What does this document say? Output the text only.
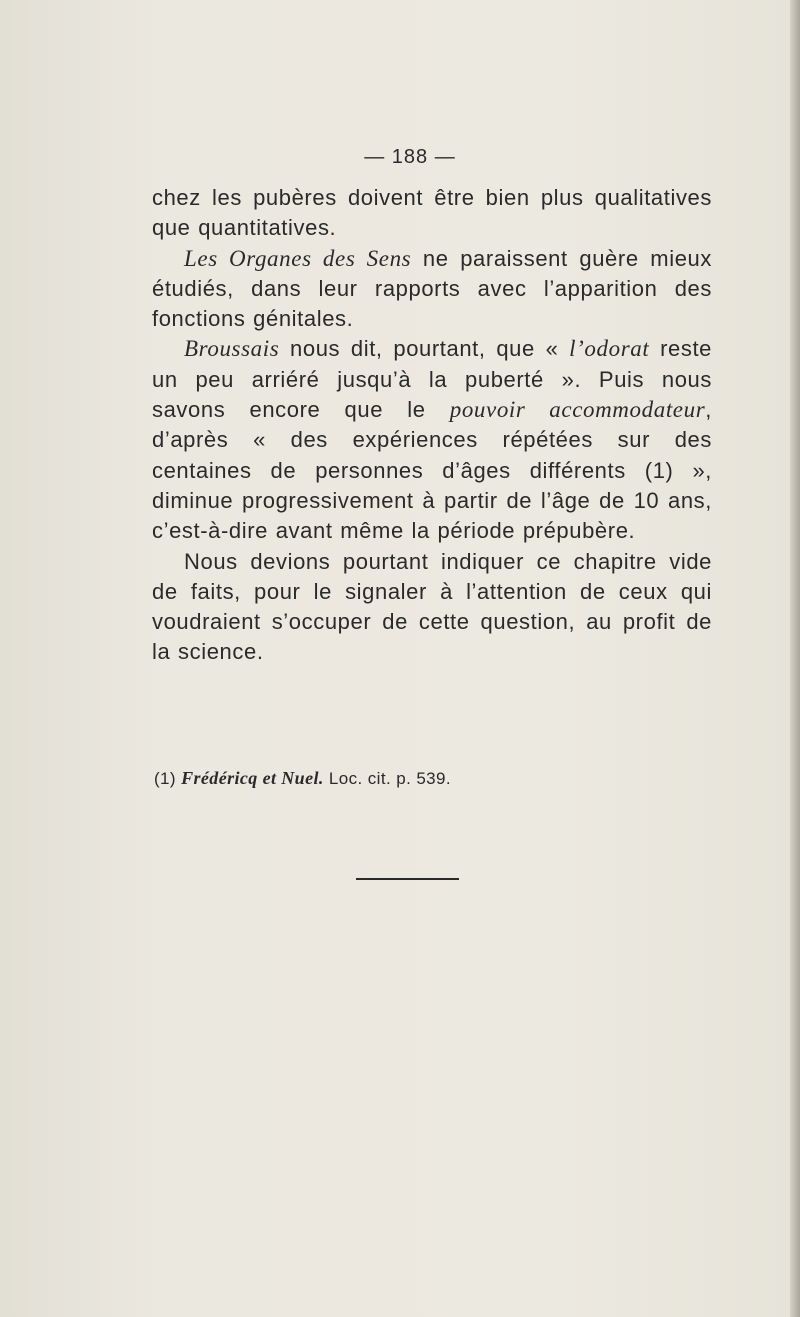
— 188 —

chez les pubères doivent être bien plus qualitatives que quantitatives.

Les Organes des Sens ne paraissent guère mieux étudiés, dans leur rapports avec l’apparition des fonctions génitales.

Broussais nous dit, pourtant, que « l’odorat reste un peu arriéré jusqu’à la puberté ». Puis nous savons encore que le pouvoir accommodateur, d’après « des expériences répétées sur des centaines de personnes d’âges différents (1) », diminue progressivement à partir de l’âge de 10 ans, c’est-à-dire avant même la période prépubère.

Nous devions pourtant indiquer ce chapitre vide de faits, pour le signaler à l’attention de ceux qui voudraient s’occuper de cette question, au profit de la science.

(1) Frédéricq et Nuel. Loc. cit. p. 539.
